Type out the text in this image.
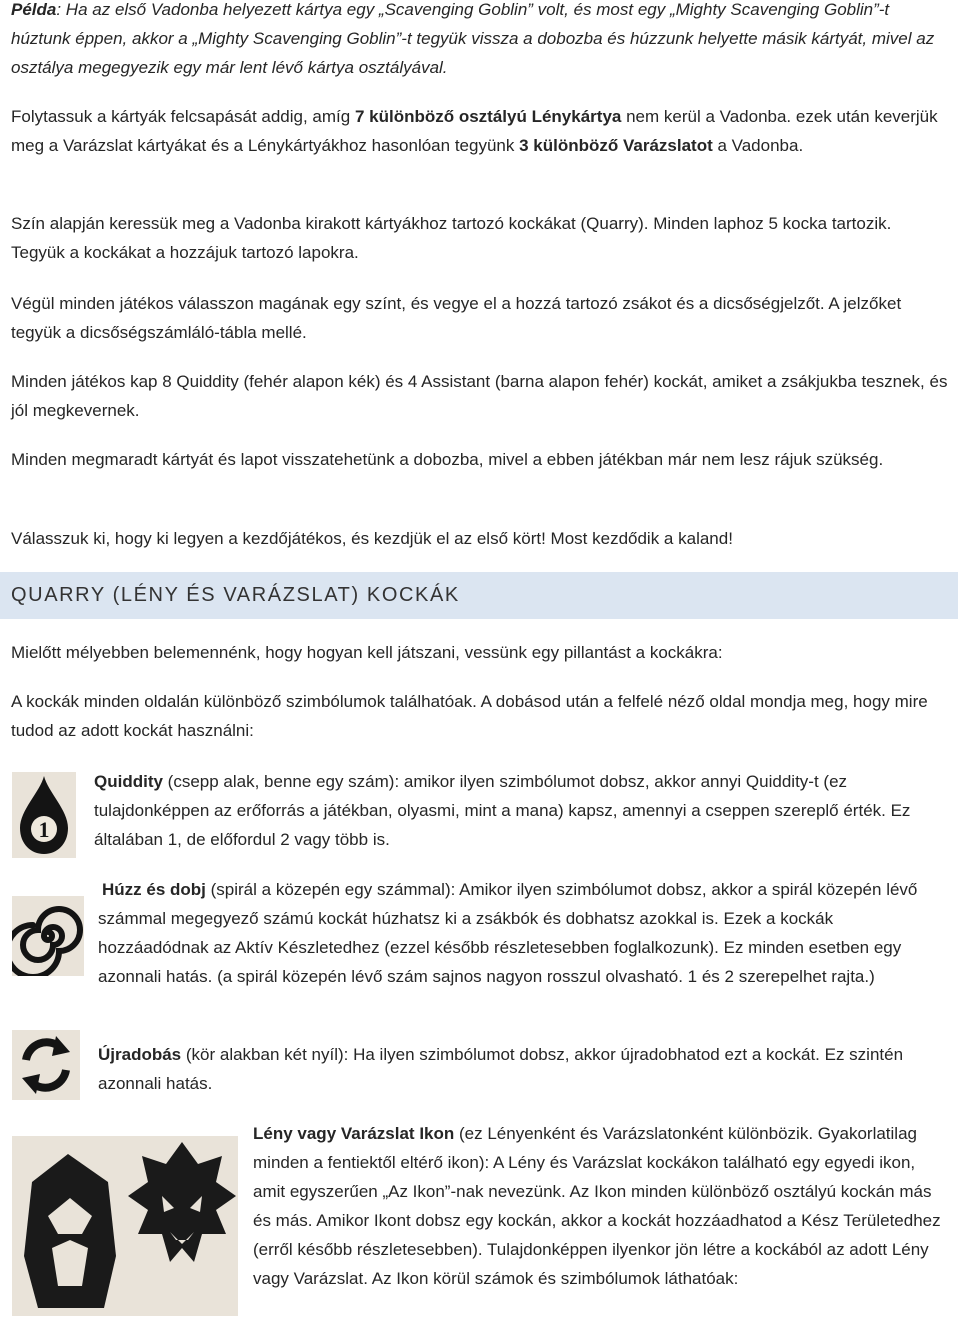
Példa: Ha az első Vadonba helyezett kártya egy „Scavenging Goblin” volt, és most egy „Mighty Scavenging Goblin”-t húztunk éppen, akkor a „Mighty Scavenging Goblin”-t tegyük vissza a dobozba és húzzunk helyette másik kártyát, mivel az osztálya megegyezik egy már lent lévő kártya osztályával.

Folytassuk a kártyák felcsapását addig, amíg 7 különböző osztályú Lénykártya nem kerül a Vadonba. ezek után keverjük meg a Varázslat kártyákat és a Lénykártyákhoz hasonlóan tegyünk 3 különböző Varázslatot a Vadonba.

Szín alapján keressük meg a Vadonba kirakott kártyákhoz tartozó kockákat (Quarry). Minden laphoz 5 kocka tartozik. Tegyük a kockákat a hozzájuk tartozó lapokra.

Végül minden játékos válasszon magának egy színt, és vegye el a hozzá tartozó zsákot és a dicsőségjelzőt. A jelzőket tegyük a dicsőségszámláló-tábla mellé.

Minden játékos kap 8 Quiddity (fehér alapon kék) és 4 Assistant (barna alapon fehér) kockát, amiket a zsákjukba tesznek, és jól megkevernek.

Minden megmaradt kártyát és lapot visszatehetünk a dobozba, mivel a ebben játékban már nem lesz rájuk szükség.

Válasszuk ki, hogy ki legyen a kezdőjátékos, és kezdjük el az első kört! Most kezdődik a kaland!

QUARRY (LÉNY ÉS VARÁZSLAT) KOCKÁK

Mielőtt mélyebben belemennénk, hogy hogyan kell játszani, vessünk egy pillantást a kockákra:

A kockák minden oldalán különböző szimbólumok találhatóak. A dobásod után a felfelé néző oldal mondja meg, hogy mire tudod az adott kockát használni:

1

Quiddity (csepp alak, benne egy szám): amikor ilyen szimbólumot dobsz, akkor annyi Quiddity-t (ez tulajdonképpen az erőforrás a játékban, olyasmi, mint a mana) kapsz, amennyi a cseppen szereplő érték. Ez általában 1, de előfordul 2 vagy több is.

Húzz és dobj (spirál a közepén egy számmal): Amikor ilyen szimbólumot dobsz, akkor a spirál közepén lévő számmal megegyező számú kockát húzhatsz ki a zsákbók és dobhatsz azokkal is. Ezek a kockák hozzáadódnak az Aktív Készletedhez (ezzel később részletesebben foglalkozunk). Ez minden esetben egy azonnali hatás. (a spirál közepén lévő szám sajnos nagyon rosszul olvasható. 1 és 2 szerepelhet rajta.)

Újradobás (kör alakban két nyíl): Ha ilyen szimbólumot dobsz, akkor újradobhatod ezt a kockát. Ez szintén azonnali hatás.

Lény vagy Varázslat Ikon (ez Lényenként és Varázslatonként különbözik. Gyakorlatilag minden a fentiektől eltérő ikon): A Lény és Varázslat kockákon található egy egyedi ikon, amit egyszerűen „Az Ikon”-nak nevezünk. Az Ikon minden különböző osztályú kockán más és más. Amikor Ikont dobsz egy kockán, akkor a kockát hozzáadhatod a Kész Területedhez (erről később részletesebben). Tulajdonképpen ilyenkor jön létre a kockából az adott Lény vagy Varázslat. Az Ikon körül számok és szimbólumok láthatóak:
